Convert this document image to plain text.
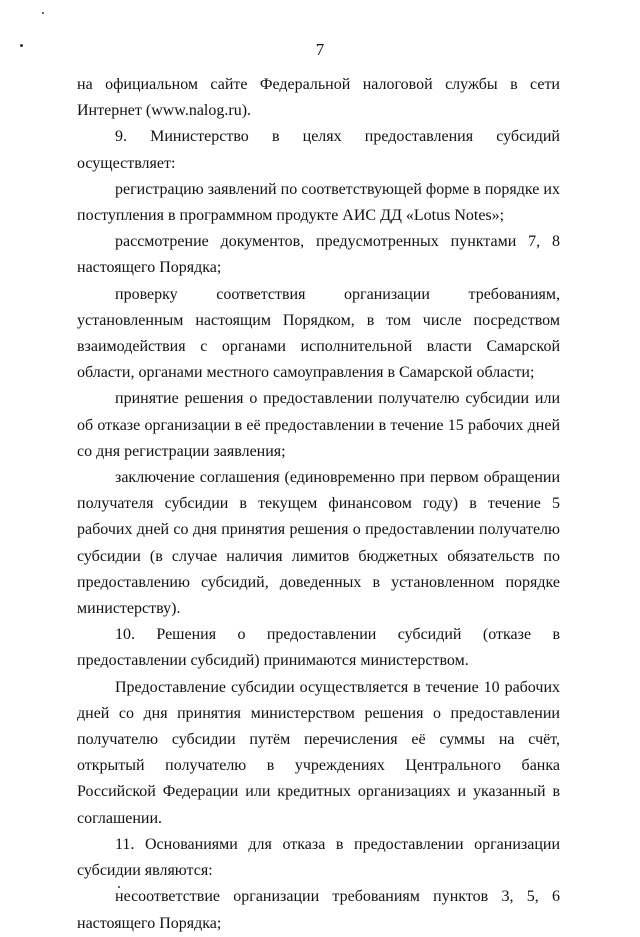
7

на официальном сайте Федеральной налоговой службы в сети Интернет (www.nalog.ru).

9. Министерство в целях предоставления субсидий осуществляет:

регистрацию заявлений по соответствующей форме в порядке их поступления в программном продукте АИС ДД «Lotus Notes»;

рассмотрение документов, предусмотренных пунктами 7, 8 настоящего Порядка;

проверку соответствия организации требованиям, установленным настоящим Порядком, в том числе посредством взаимодействия с органами исполнительной власти Самарской области, органами местного самоуправления в Самарской области;

принятие решения о предоставлении получателю субсидии или об отказе организации в её предоставлении в течение 15 рабочих дней со дня регистрации заявления;

заключение соглашения (единовременно при первом обращении получателя субсидии в текущем финансовом году) в течение 5 рабочих дней со дня принятия решения о предоставлении получателю субсидии (в случае наличия лимитов бюджетных обязательств по предоставлению субсидий, доведенных в установленном порядке министерству).

10. Решения о предоставлении субсидий (отказе в предоставлении субсидий) принимаются министерством.

Предоставление субсидии осуществляется в течение 10 рабочих дней со дня принятия министерством решения о предоставлении получателю субсидии путём перечисления её суммы на счёт, открытый получателю в учреждениях Центрального банка Российской Федерации или кредитных организациях и указанный в соглашении.

11. Основаниями для отказа в предоставлении организации субсидии являются:

несоответствие организации требованиям пунктов 3, 5, 6 настоящего Порядка;
